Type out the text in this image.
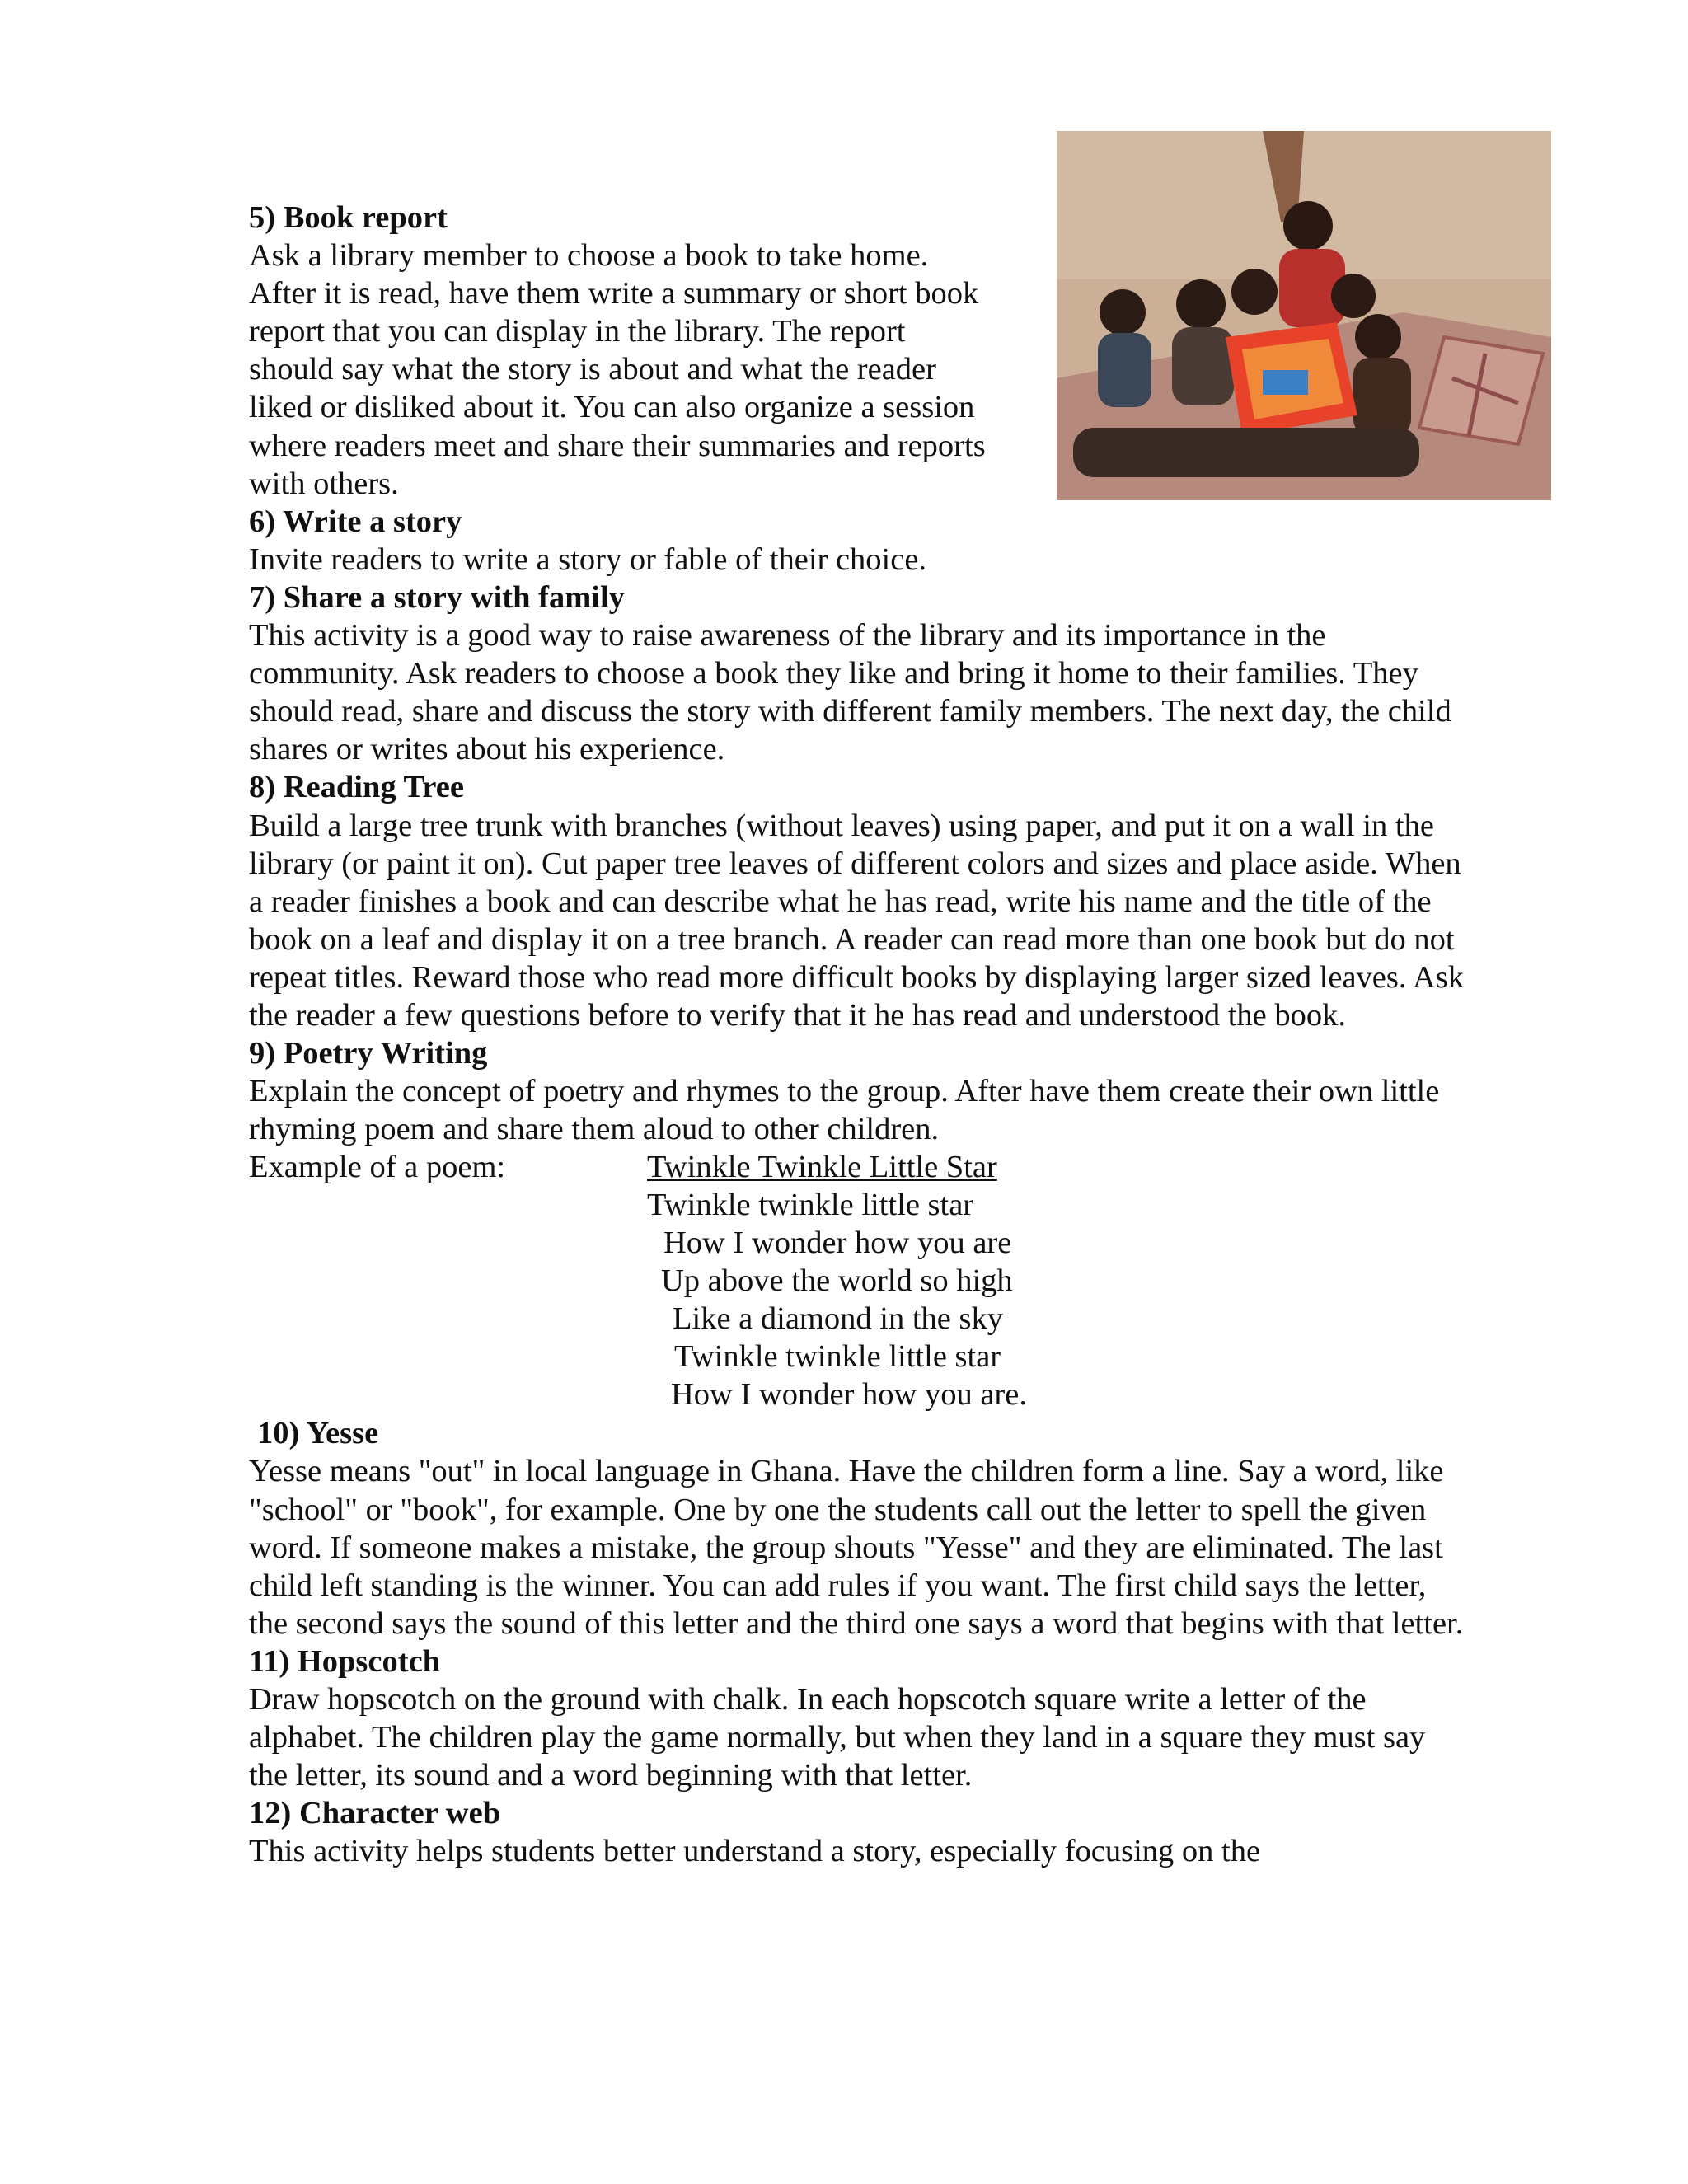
5) Book report

Ask a library member to choose a book to take home.

After it is read, have them write a summary or short book

report that you can display in the library. The report

should say what the story is about and what the reader

liked or disliked about it. You can also organize a session

where readers meet and share their summaries and reports

with others.

6) Write a story

Invite readers to write a story or fable of their choice.

7) Share a story with family

This activity is a good way to raise awareness of the library and its importance in the community. Ask readers to choose a book they like and bring it home to their families. They should read, share and discuss the story with different family members. The next day, the child shares or writes about his experience.

8) Reading Tree

Build a large tree trunk with branches (without leaves) using paper, and put it on a wall in the library (or paint it on). Cut paper tree leaves of different colors and sizes and place aside. When a reader finishes a book and can describe what he has read, write his name and the title of the book on a leaf and display it on a tree branch. A reader can read more than one book but do not repeat titles. Reward those who read more difficult books by displaying larger sized leaves. Ask the reader a few questions before to verify that it he has read and understood the book.

9) Poetry Writing

Explain the concept of poetry and rhymes to the group. After have them create their own little rhyming poem and share them aloud to other children.

Example of a poem:	Twinkle Twinkle Little Star
Twinkle twinkle little star
How I wonder how you are
Up above the world so high
Like a diamond in the sky
Twinkle twinkle little star
How I wonder how you are.

10) Yesse

Yesse means "out" in local language in Ghana. Have the children form a line. Say a word, like "school" or "book", for example. One by one the students call out the letter to spell the given word. If someone makes a mistake, the group shouts "Yesse" and they are eliminated. The last child left standing is the winner. You can add rules if you want. The first child says the letter, the second says the sound of this letter and the third one says a word that begins with that letter.

11) Hopscotch

Draw hopscotch on the ground with chalk. In each hopscotch square write a letter of the alphabet. The children play the game normally, but when they land in a square they must say the letter, its sound and a word beginning with that letter.

12) Character web

This activity helps students better understand a story, especially focusing on the
